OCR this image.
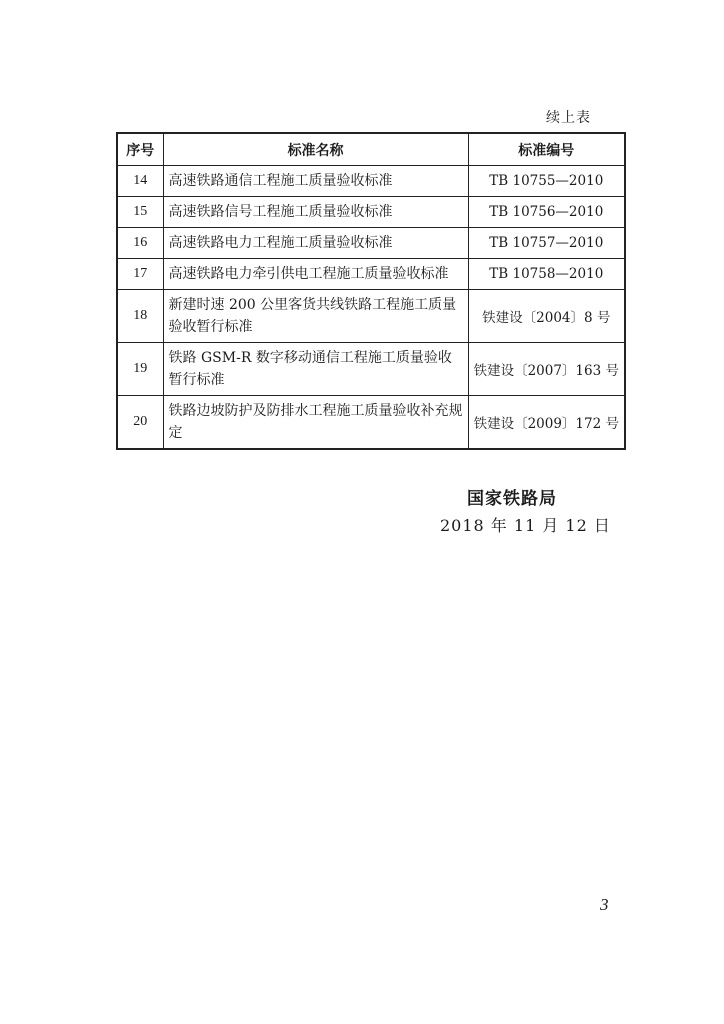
续上表
序号	标准名称	标准编号
14	高速铁路通信工程施工质量验收标准	TB 10755—2010
15	高速铁路信号工程施工质量验收标准	TB 10756—2010
16	高速铁路电力工程施工质量验收标准	TB 10757—2010
17	高速铁路电力牵引供电工程施工质量验收标准	TB 10758—2010
18	新建时速 200 公里客货共线铁路工程施工质量验收暂行标准	铁建设〔2004〕8 号
19	铁路 GSM-R 数字移动通信工程施工质量验收暂行标准	铁建设〔2007〕163 号
20	铁路边坡防护及防排水工程施工质量验收补充规定	铁建设〔2009〕172 号
国家铁路局
2018 年 11 月 12 日
3
